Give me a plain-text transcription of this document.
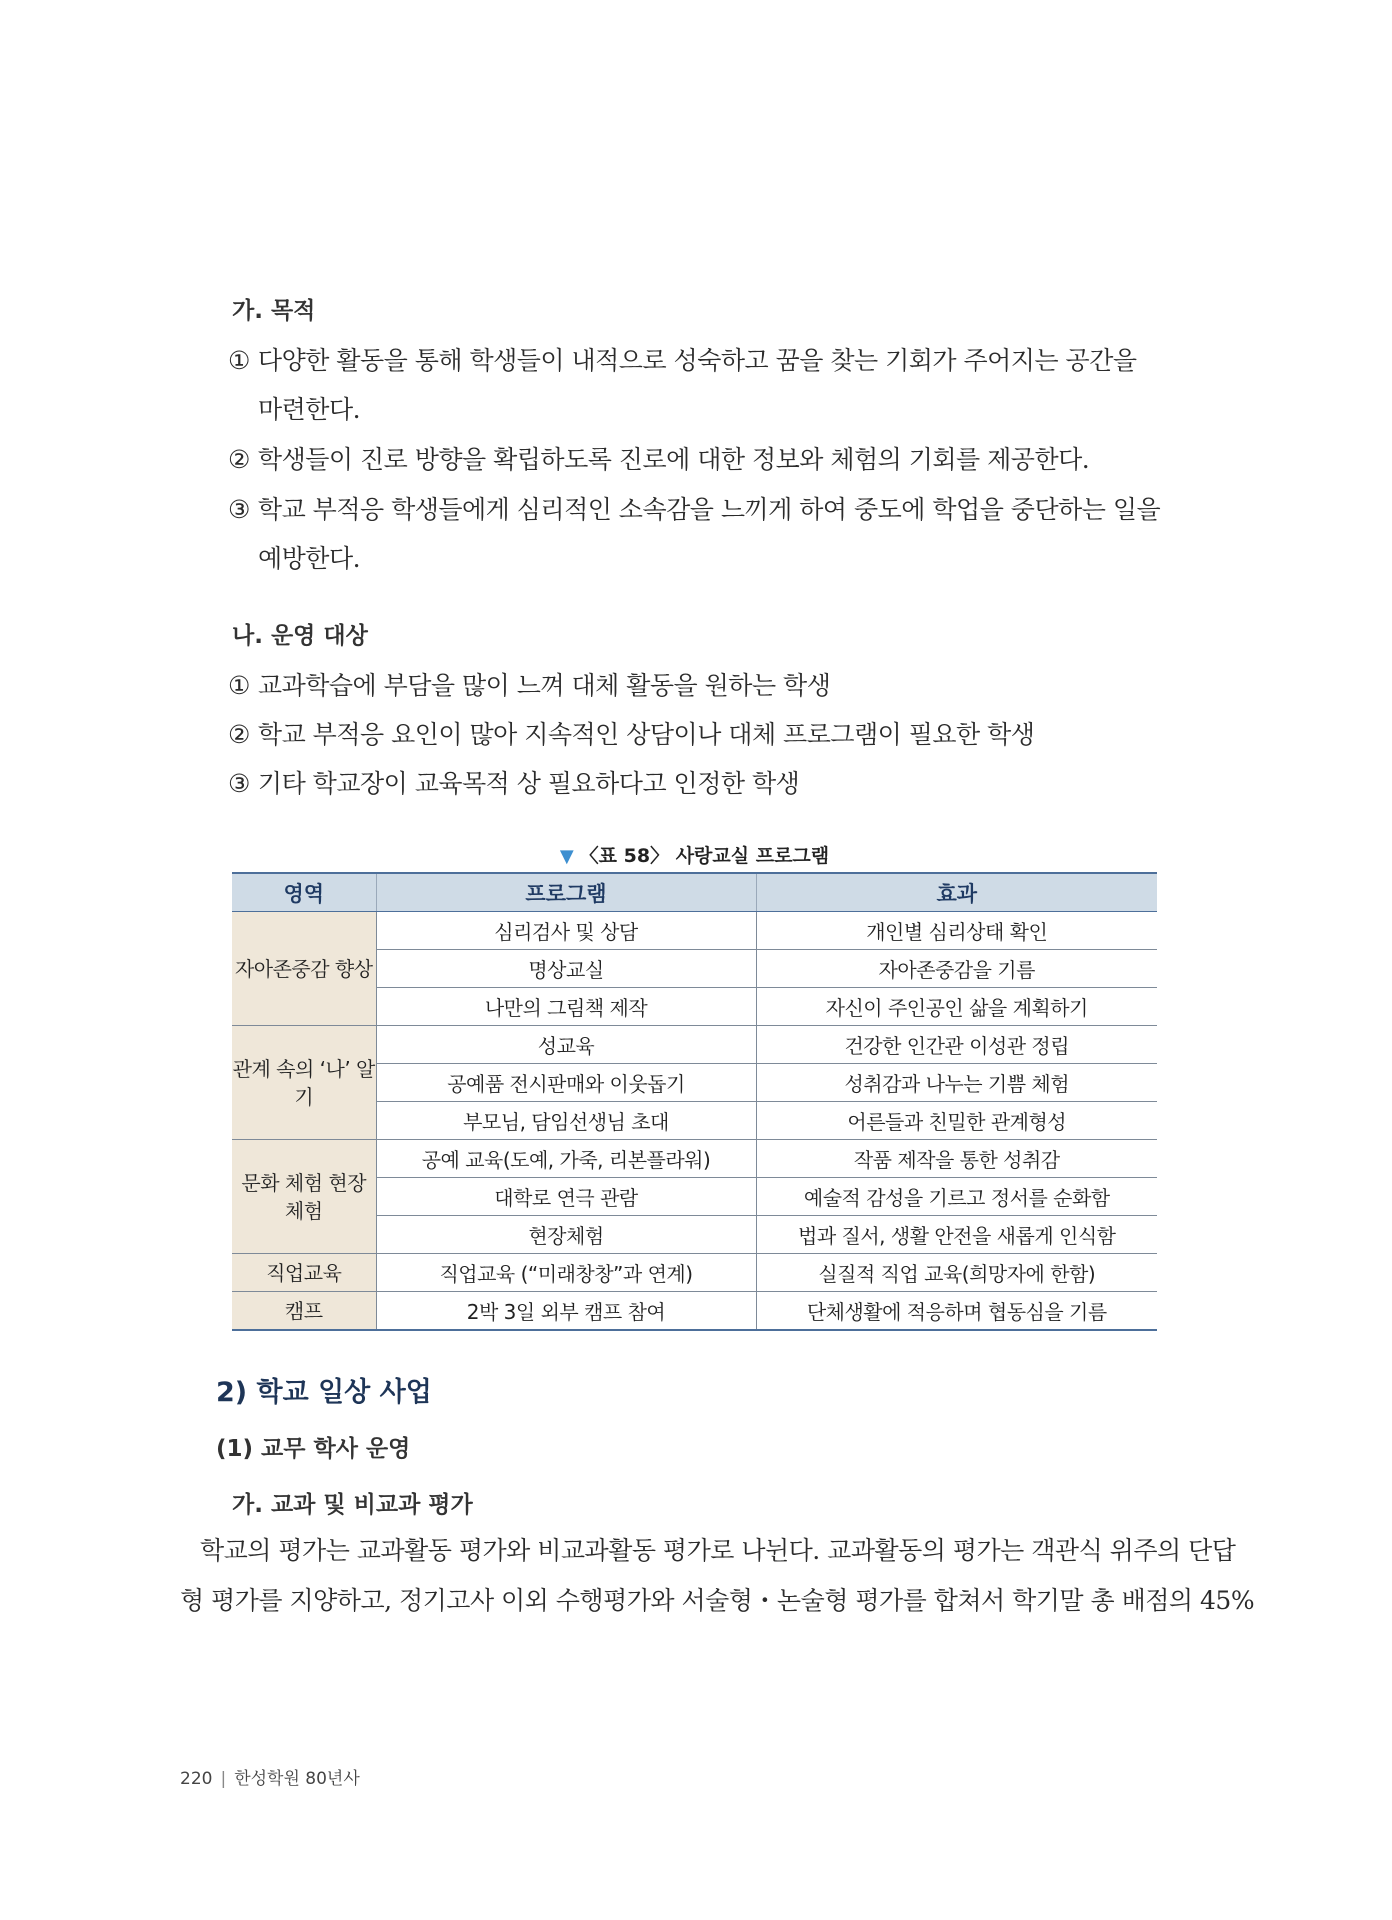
가. 목적
① 다양한 활동을 통해 학생들이 내적으로 성숙하고 꿈을 찾는 기회가 주어지는 공간을
마련한다.
② 학생들이 진로 방향을 확립하도록 진로에 대한 정보와 체험의 기회를 제공한다.
③ 학교 부적응 학생들에게 심리적인 소속감을 느끼게 하여 중도에 학업을 중단하는 일을
예방한다.
나. 운영 대상
① 교과학습에 부담을 많이 느껴 대체 활동을 원하는 학생
② 학교 부적응 요인이 많아 지속적인 상담이나 대체 프로그램이 필요한 학생
③ 기타 학교장이 교육목적 상 필요하다고 인정한 학생
▼ 〈표 58〉 사랑교실 프로그램
영역	프로그램	효과
자아존중감 향상	심리검사 및 상담	개인별 심리상태 확인
	명상교실	자아존중감을 기름
	나만의 그림책 제작	자신이 주인공인 삶을 계획하기
관계 속의 ‘나’ 알기	성교육	건강한 인간관 이성관 정립
	공예품 전시판매와 이웃돕기	성취감과 나누는 기쁨 체험
	부모님, 담임선생님 초대	어른들과 친밀한 관계형성
문화 체험 현장 체험	공예 교육(도예, 가죽, 리본플라워)	작품 제작을 통한 성취감
	대학로 연극 관람	예술적 감성을 기르고 정서를 순화함
	현장체험	법과 질서, 생활 안전을 새롭게 인식함
직업교육	직업교육 (“미래창창”과 연계)	실질적 직업 교육(희망자에 한함)
캠프	2박 3일 외부 캠프 참여	단체생활에 적응하며 협동심을 기름
2) 학교 일상 사업
(1) 교무 학사 운영
가. 교과 및 비교과 평가
학교의 평가는 교과활동 평가와 비교과활동 평가로 나뉜다. 교과활동의 평가는 객관식 위주의 단답
형 평가를 지양하고, 정기고사 이외 수행평가와 서술형・논술형 평가를 합쳐서 학기말 총 배점의 45%
220 | 한성학원 80년사
